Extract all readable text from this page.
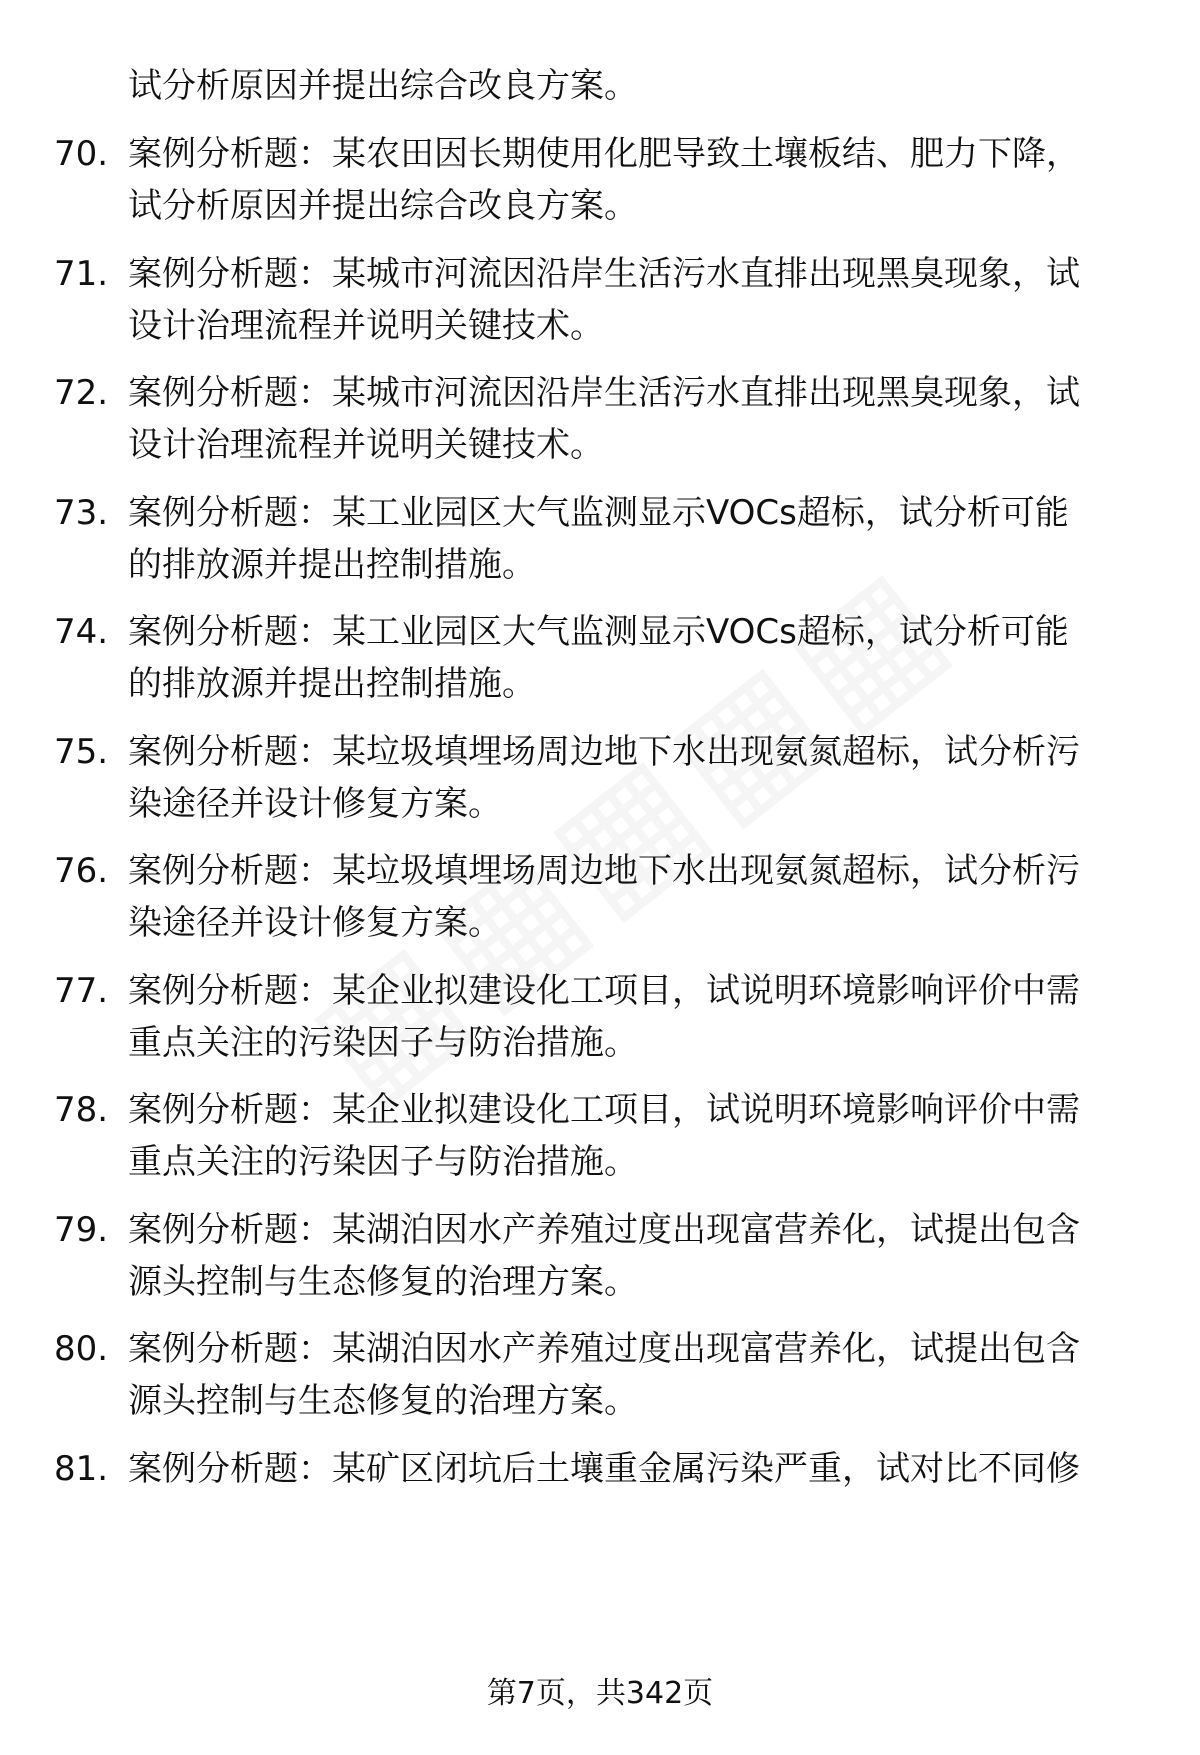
试分析原因并提出综合改良方案。
70. 案例分析题：某农田因长期使用化肥导致土壤板结、肥力下降，
试分析原因并提出综合改良方案。
71. 案例分析题：某城市河流因沿岸生活污水直排出现黑臭现象，试
设计治理流程并说明关键技术。
72. 案例分析题：某城市河流因沿岸生活污水直排出现黑臭现象，试
设计治理流程并说明关键技术。
73. 案例分析题：某工业园区大气监测显示VOCs超标，试分析可能
的排放源并提出控制措施。
74. 案例分析题：某工业园区大气监测显示VOCs超标，试分析可能
的排放源并提出控制措施。
75. 案例分析题：某垃圾填埋场周边地下水出现氨氮超标，试分析污
染途径并设计修复方案。
76. 案例分析题：某垃圾填埋场周边地下水出现氨氮超标，试分析污
染途径并设计修复方案。
77. 案例分析题：某企业拟建设化工项目，试说明环境影响评价中需
重点关注的污染因子与防治措施。
78. 案例分析题：某企业拟建设化工项目，试说明环境影响评价中需
重点关注的污染因子与防治措施。
79. 案例分析题：某湖泊因水产养殖过度出现富营养化，试提出包含
源头控制与生态修复的治理方案。
80. 案例分析题：某湖泊因水产养殖过度出现富营养化，试提出包含
源头控制与生态修复的治理方案。
81. 案例分析题：某矿区闭坑后土壤重金属污染严重，试对比不同修
第7页，共342页
